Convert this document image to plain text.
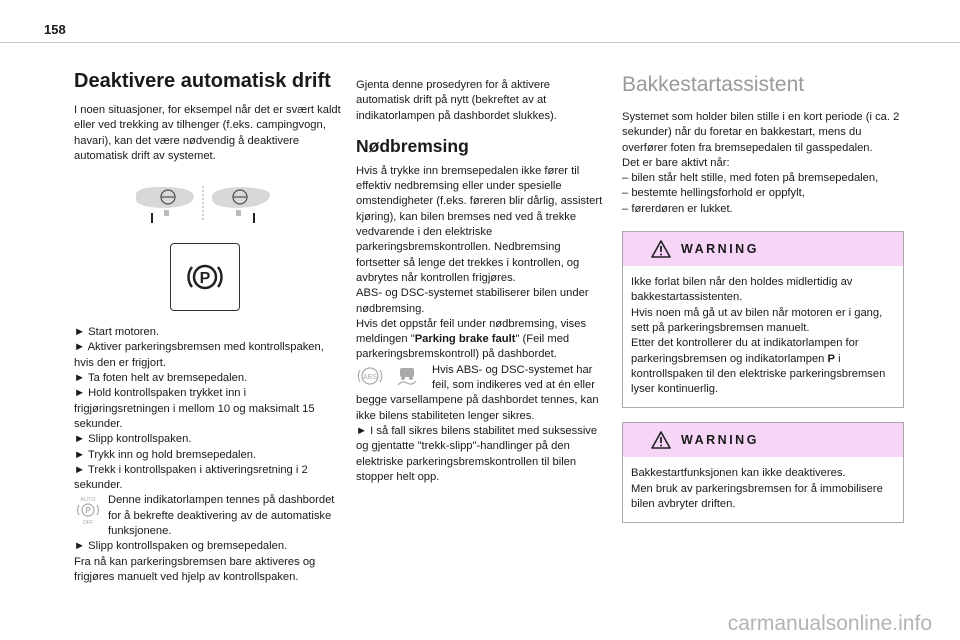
158
Deaktivere automatisk drift

I noen situasjoner, for eksempel når det er svært kaldt eller ved trekking av tilhenger (f.eks. campingvogn, havari), kan det være nødvendig å deaktivere automatisk drift av systemet.

P

► Start motoren.
► Aktiver parkeringsbremsen med kontrollspaken, hvis den er frigjort.
► Ta foten helt av bremsepedalen.
► Hold kontrollspaken trykket inn i frigjøringsretningen i mellom 10 og maksimalt 15 sekunder.
► Slipp kontrollspaken.
► Trykk inn og hold bremsepedalen.
► Trekk i kontrollspaken i aktiveringsretning i 2 sekunder.

AUTO
P
OFF

Denne indikatorlampen tennes på dashbordet for å bekrefte deaktivering av de automatiske funksjonene.

► Slipp kontrollspaken og bremsepedalen.
Fra nå kan parkeringsbremsen bare aktiveres og frigjøres manuelt ved hjelp av kontrollspaken.

Gjenta denne prosedyren for å aktivere automatisk drift på nytt (bekreftet av at indikatorlampen på dashbordet slukkes).

Nødbremsing

Hvis å trykke inn bremsepedalen ikke fører til effektiv nedbremsing eller under spesielle omstendigheter (f.eks. føreren blir dårlig, assistert kjøring), kan bilen bremses ned ved å trekke vedvarende i den elektriske parkeringsbremskontrollen. Nedbremsing fortsetter så lenge det trekkes i kontrollen, og avbrytes når kontrollen frigjøres.

ABS- og DSC-systemet stabiliserer bilen under nødbremsing.

Hvis det oppstår feil under nødbremsing, vises meldingen "Parking brake fault" (Feil med parkeringsbremskontroll) på dashbordet.

ABS

Hvis ABS- og DSC-systemet har feil, som indikeres ved at én eller begge varsellampene på dashbordet tennes, kan ikke bilens stabiliteten lenger sikres.

► I så fall sikres bilens stabilitet med suksessive og gjentatte "trekk-slipp"-handlinger på den elektriske parkeringsbremskontrollen til bilen stopper helt opp.

Bakkestartassistent

Systemet som holder bilen stille i en kort periode (i ca. 2 sekunder) når du foretar en bakkestart, mens du overfører foten fra bremsepedalen til gasspedalen.

Det er bare aktivt når:
– bilen står helt stille, med foten på bremsepedalen,
– bestemte hellingsforhold er oppfylt,
– førerdøren er lukket.

WARNING

Ikke forlat bilen når den holdes midlertidig av bakkestartassistenten.
Hvis noen må gå ut av bilen når motoren er i gang, sett på parkeringsbremsen manuelt.
Etter det kontrollerer du at indikatorlampen for parkeringsbremsen og indikatorlampen P i kontrollspaken til den elektriske parkeringsbremsen lyser kontinuerlig.

WARNING

Bakkestartfunksjonen kan ikke deaktiveres.
Men bruk av parkeringsbremsen for å immobilisere bilen avbryter driften.

carmanualsonline.info
